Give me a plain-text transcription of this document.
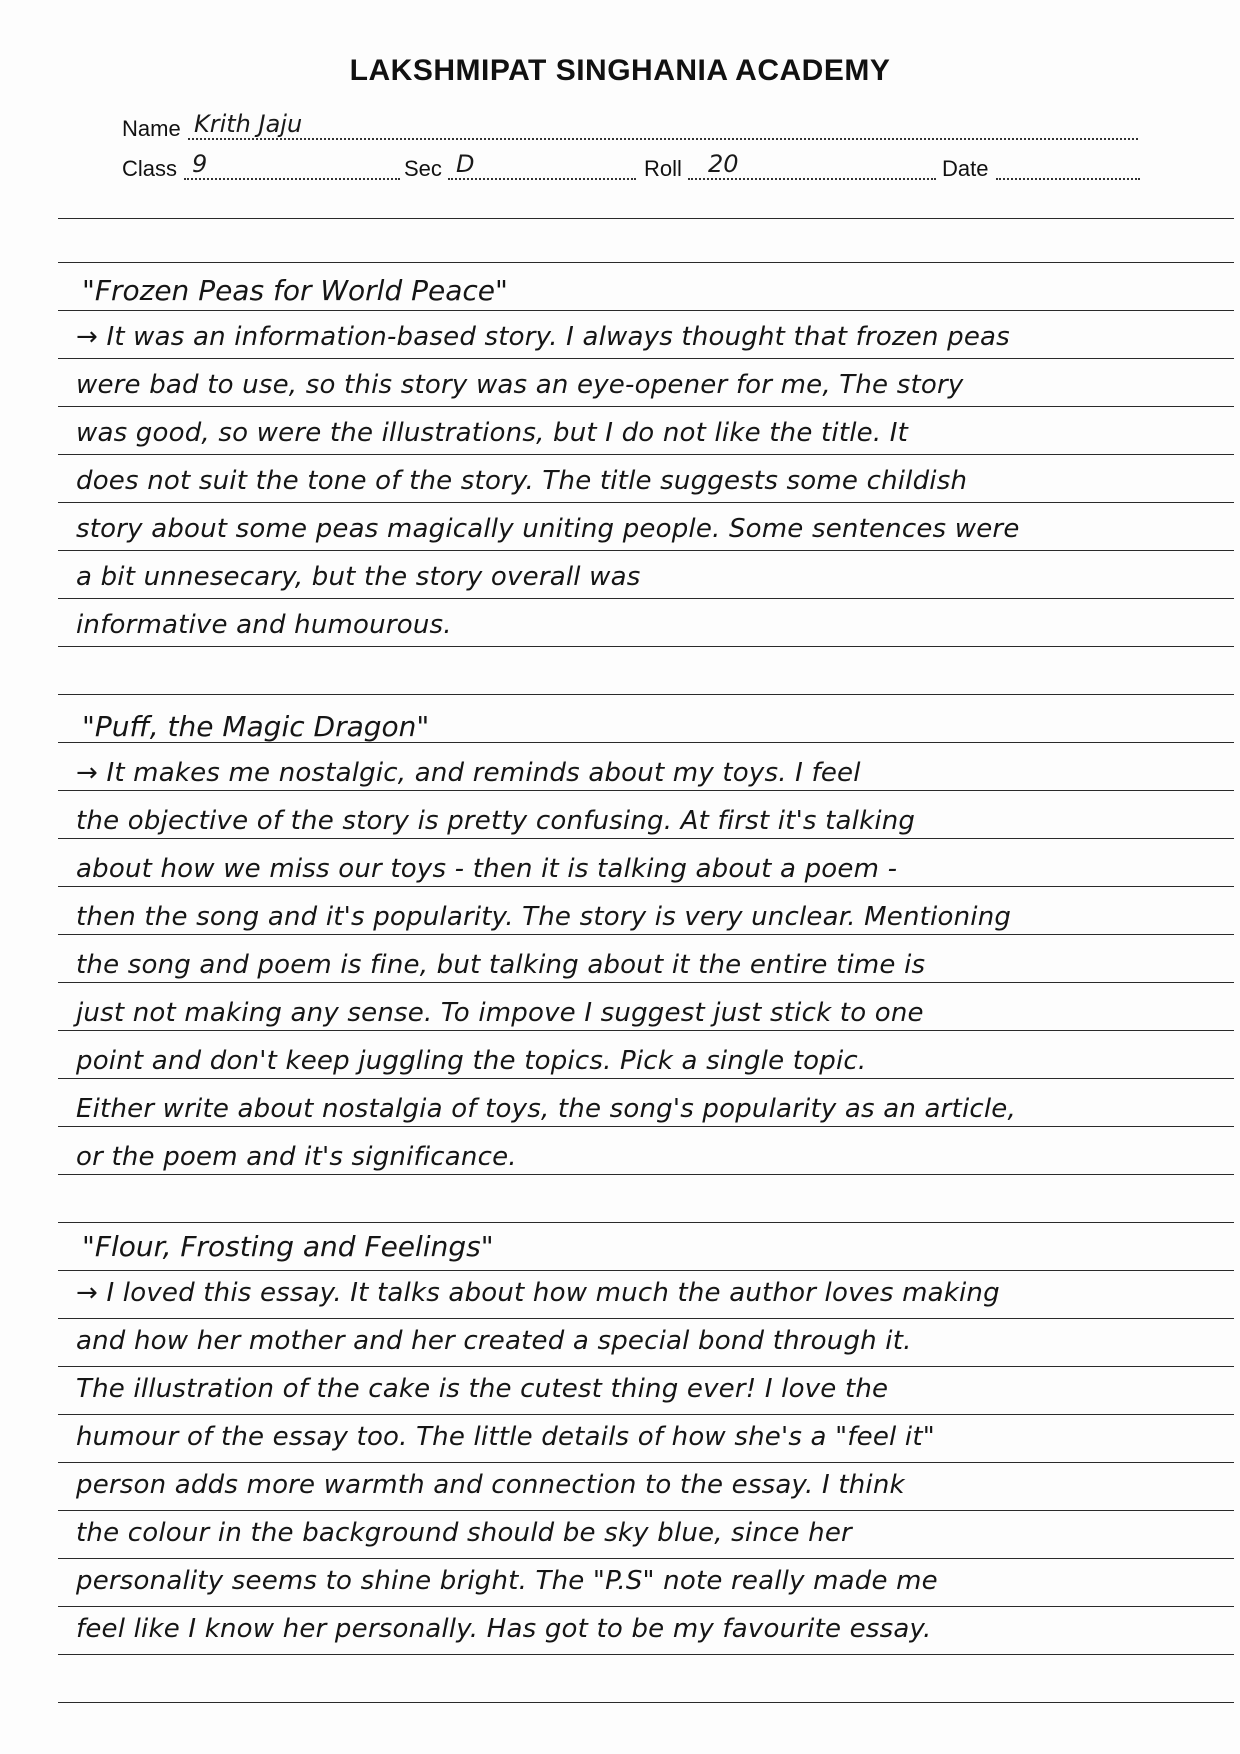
LAKSHMIPAT SINGHANIA ACADEMY
Name Krith Jaju
Class 9	Sec D	Roll 20	Date
"Frozen Peas for World Peace"
→ It was an information-based story. I always thought that frozen peas
were bad to use, so this story was an eye-opener for me, The story
was good, so were the illustrations, but I do not like the title. It
does not suit the tone of the story. The title suggests some childish
story about some peas magically uniting people. Some sentences were
a bit unnesecary, but the story overall was
informative and humourous.
"Puff, the Magic Dragon"
→ It makes me nostalgic, and reminds about my toys. I feel
the objective of the story is pretty confusing. At first it's talking
about how we miss our toys - then it is talking about a poem -
then the song and it's popularity. The story is very unclear. Mentioning
the song and poem is fine, but talking about it the entire time is
just not making any sense. To impove I suggest just stick to one
point and don't keep juggling the topics. Pick a single topic.
Either write about nostalgia of toys, the song's popularity as an article,
or the poem and it's significance.
"Flour, Frosting and Feelings"
→ I loved this essay. It talks about how much the author loves making
and how her mother and her created a special bond through it.
The illustration of the cake is the cutest thing ever! I love the
humour of the essay too. The little details of how she's a "feel it"
person adds more warmth and connection to the essay. I think
the colour in the background should be sky blue, since her
personality seems to shine bright. The "P.S" note really made me
feel like I know her personally. Has got to be my favourite essay.
